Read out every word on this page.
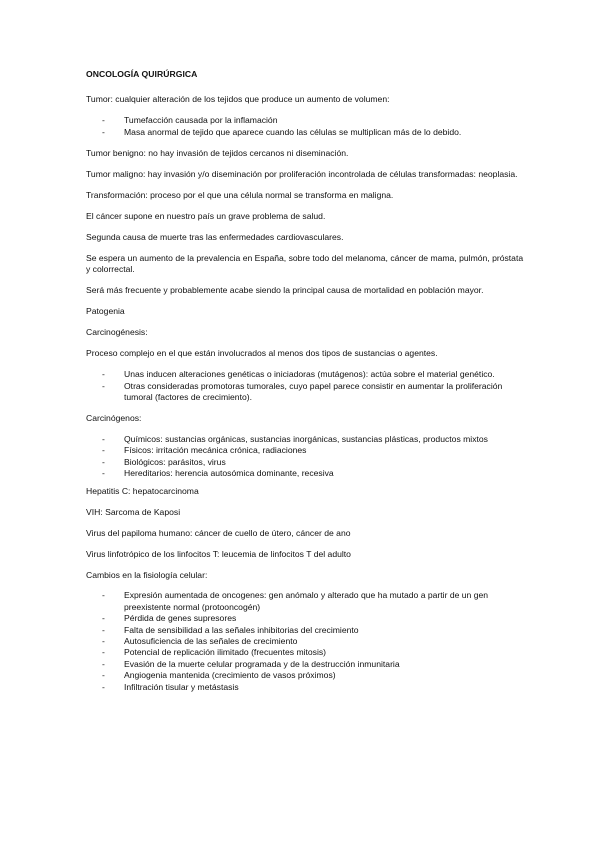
ONCOLOGÍA QUIRÚRGICA

Tumor: cualquier alteración de los tejidos que produce un aumento de volumen:

- Tumefacción causada por la inflamación
- Masa anormal de tejido que aparece cuando las células se multiplican más de lo debido.

Tumor benigno: no hay invasión de tejidos cercanos ni diseminación.

Tumor maligno: hay invasión y/o diseminación por proliferación incontrolada de células transformadas: neoplasia.

Transformación: proceso por el que una célula normal se transforma en maligna.

El cáncer supone en nuestro país un grave problema de salud.

Segunda causa de muerte tras las enfermedades cardiovasculares.

Se espera un aumento de la prevalencia en España, sobre todo del melanoma, cáncer de mama, pulmón, próstata y colorrectal.

Será más frecuente y probablemente acabe siendo la principal causa de mortalidad en población mayor.

Patogenia

Carcinogénesis:

Proceso complejo en el que están involucrados al menos dos tipos de sustancias o agentes.

- Unas inducen alteraciones genéticas o iniciadoras (mutágenos): actúa sobre el material genético.
- Otras consideradas promotoras tumorales, cuyo papel parece consistir en aumentar la proliferación tumoral (factores de crecimiento).

Carcinógenos:

- Químicos: sustancias orgánicas, sustancias inorgánicas, sustancias plásticas, productos mixtos
- Físicos: irritación mecánica crónica, radiaciones
- Biológicos: parásitos, virus
- Hereditarios: herencia autosómica dominante, recesiva

Hepatitis C: hepatocarcinoma

VIH: Sarcoma de Kaposi

Virus del papiloma humano: cáncer de cuello de útero, cáncer de ano

Virus linfotrópico de los linfocitos T: leucemia de linfocitos T del adulto

Cambios en la fisiología celular:

- Expresión aumentada de oncogenes: gen anómalo y alterado que ha mutado a partir de un gen preexistente normal (protooncogén)
- Pérdida de genes supresores
- Falta de sensibilidad a las señales inhibitorias del crecimiento
- Autosuficiencia de las señales de crecimiento
- Potencial de replicación ilimitado (frecuentes mitosis)
- Evasión de la muerte celular programada y de la destrucción inmunitaria
- Angiogenia mantenida (crecimiento de vasos próximos)
- Infiltración tisular y metástasis
